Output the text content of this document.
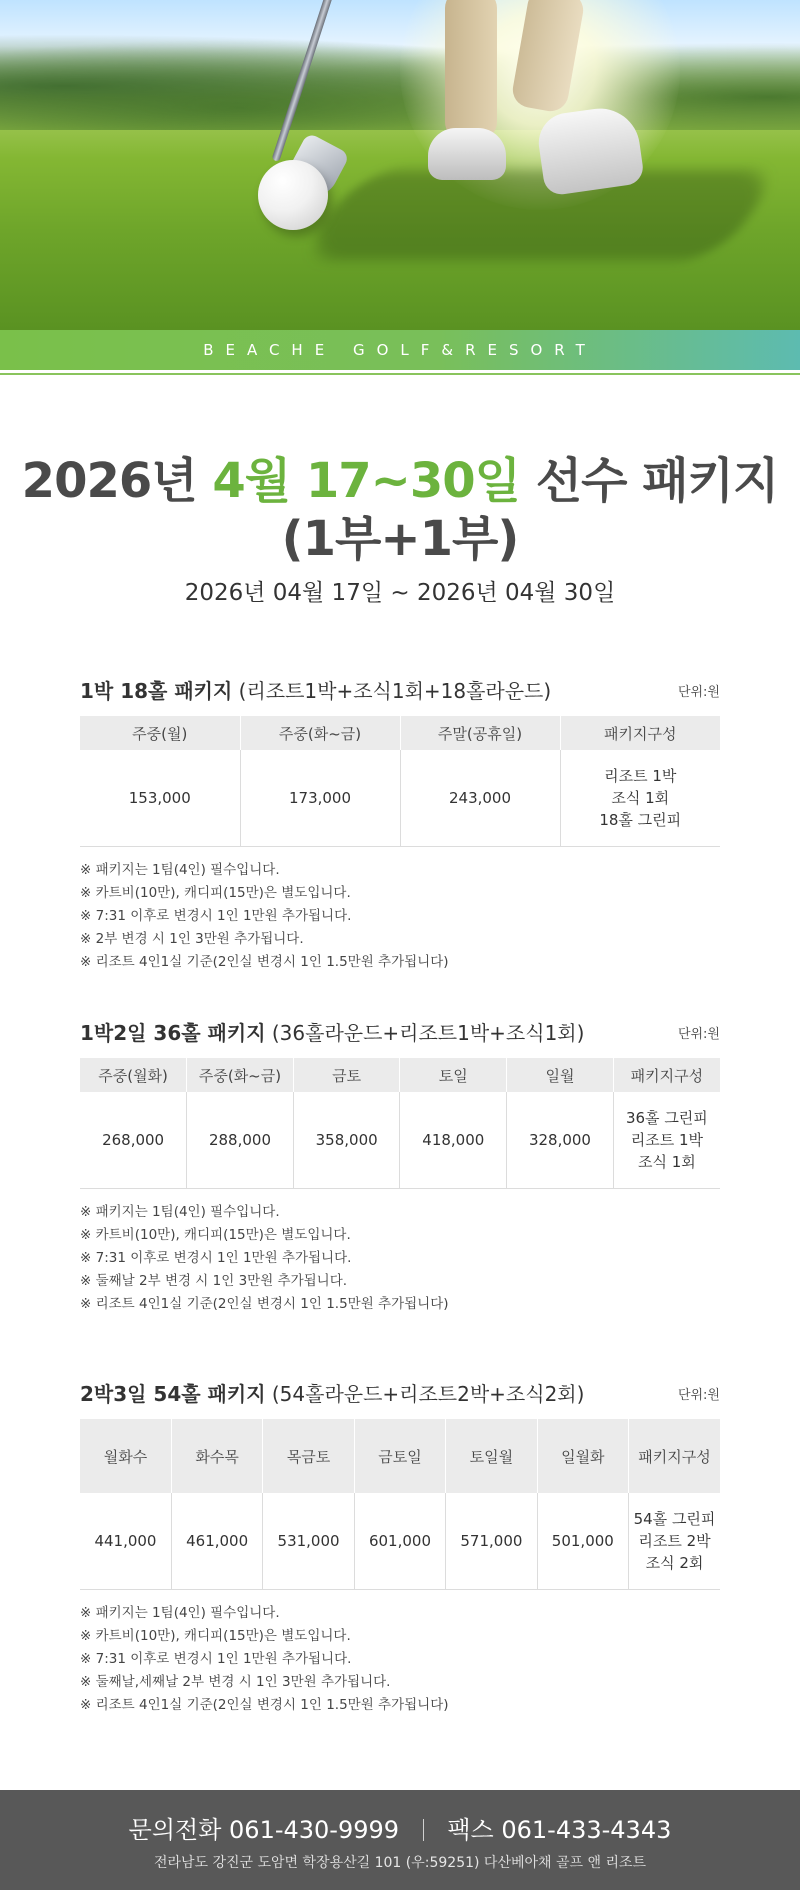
BEACHE GOLF&RESORT
2026년 4월 17~30일 선수 패키지
(1부+1부)
2026년 04월 17일 ~ 2026년 04월 30일
1박 18홀 패키지 (리조트1박+조식1회+18홀라운드)	단위:원
주중(월)	주중(화~금)	주말(공휴일)	패키지구성
153,000	173,000	243,000	리조트 1박
조식 1회
18홀 그린피
※ 패키지는 1팀(4인) 필수입니다.
※ 카트비(10만), 캐디피(15만)은 별도입니다.
※ 7:31 이후로 변경시 1인 1만원 추가됩니다.
※ 2부 변경 시 1인 3만원 추가됩니다.
※ 리조트 4인1실 기준(2인실 변경시 1인 1.5만원 추가됩니다)
1박2일 36홀 패키지 (36홀라운드+리조트1박+조식1회)	단위:원
주중(월화)	주중(화~금)	금토	토일	일월	패키지구성
268,000	288,000	358,000	418,000	328,000	36홀 그린피
리조트 1박
조식 1회
※ 패키지는 1팀(4인) 필수입니다.
※ 카트비(10만), 캐디피(15만)은 별도입니다.
※ 7:31 이후로 변경시 1인 1만원 추가됩니다.
※ 둘째날 2부 변경 시 1인 3만원 추가됩니다.
※ 리조트 4인1실 기준(2인실 변경시 1인 1.5만원 추가됩니다)
2박3일 54홀 패키지 (54홀라운드+리조트2박+조식2회)	단위:원
월화수	화수목	목금토	금토일	토일월	일월화	패키지구성
441,000	461,000	531,000	601,000	571,000	501,000	54홀 그린피
리조트 2박
조식 2회
※ 패키지는 1팀(4인) 필수입니다.
※ 카트비(10만), 캐디피(15만)은 별도입니다.
※ 7:31 이후로 변경시 1인 1만원 추가됩니다.
※ 둘째날,세째날 2부 변경 시 1인 3만원 추가됩니다.
※ 리조트 4인1실 기준(2인실 변경시 1인 1.5만원 추가됩니다)
문의전화 061-430-9999 팩스 061-433-4343
전라남도 강진군 도암면 학장용산길 101 (우:59251) 다산베아채 골프 앤 리조트
